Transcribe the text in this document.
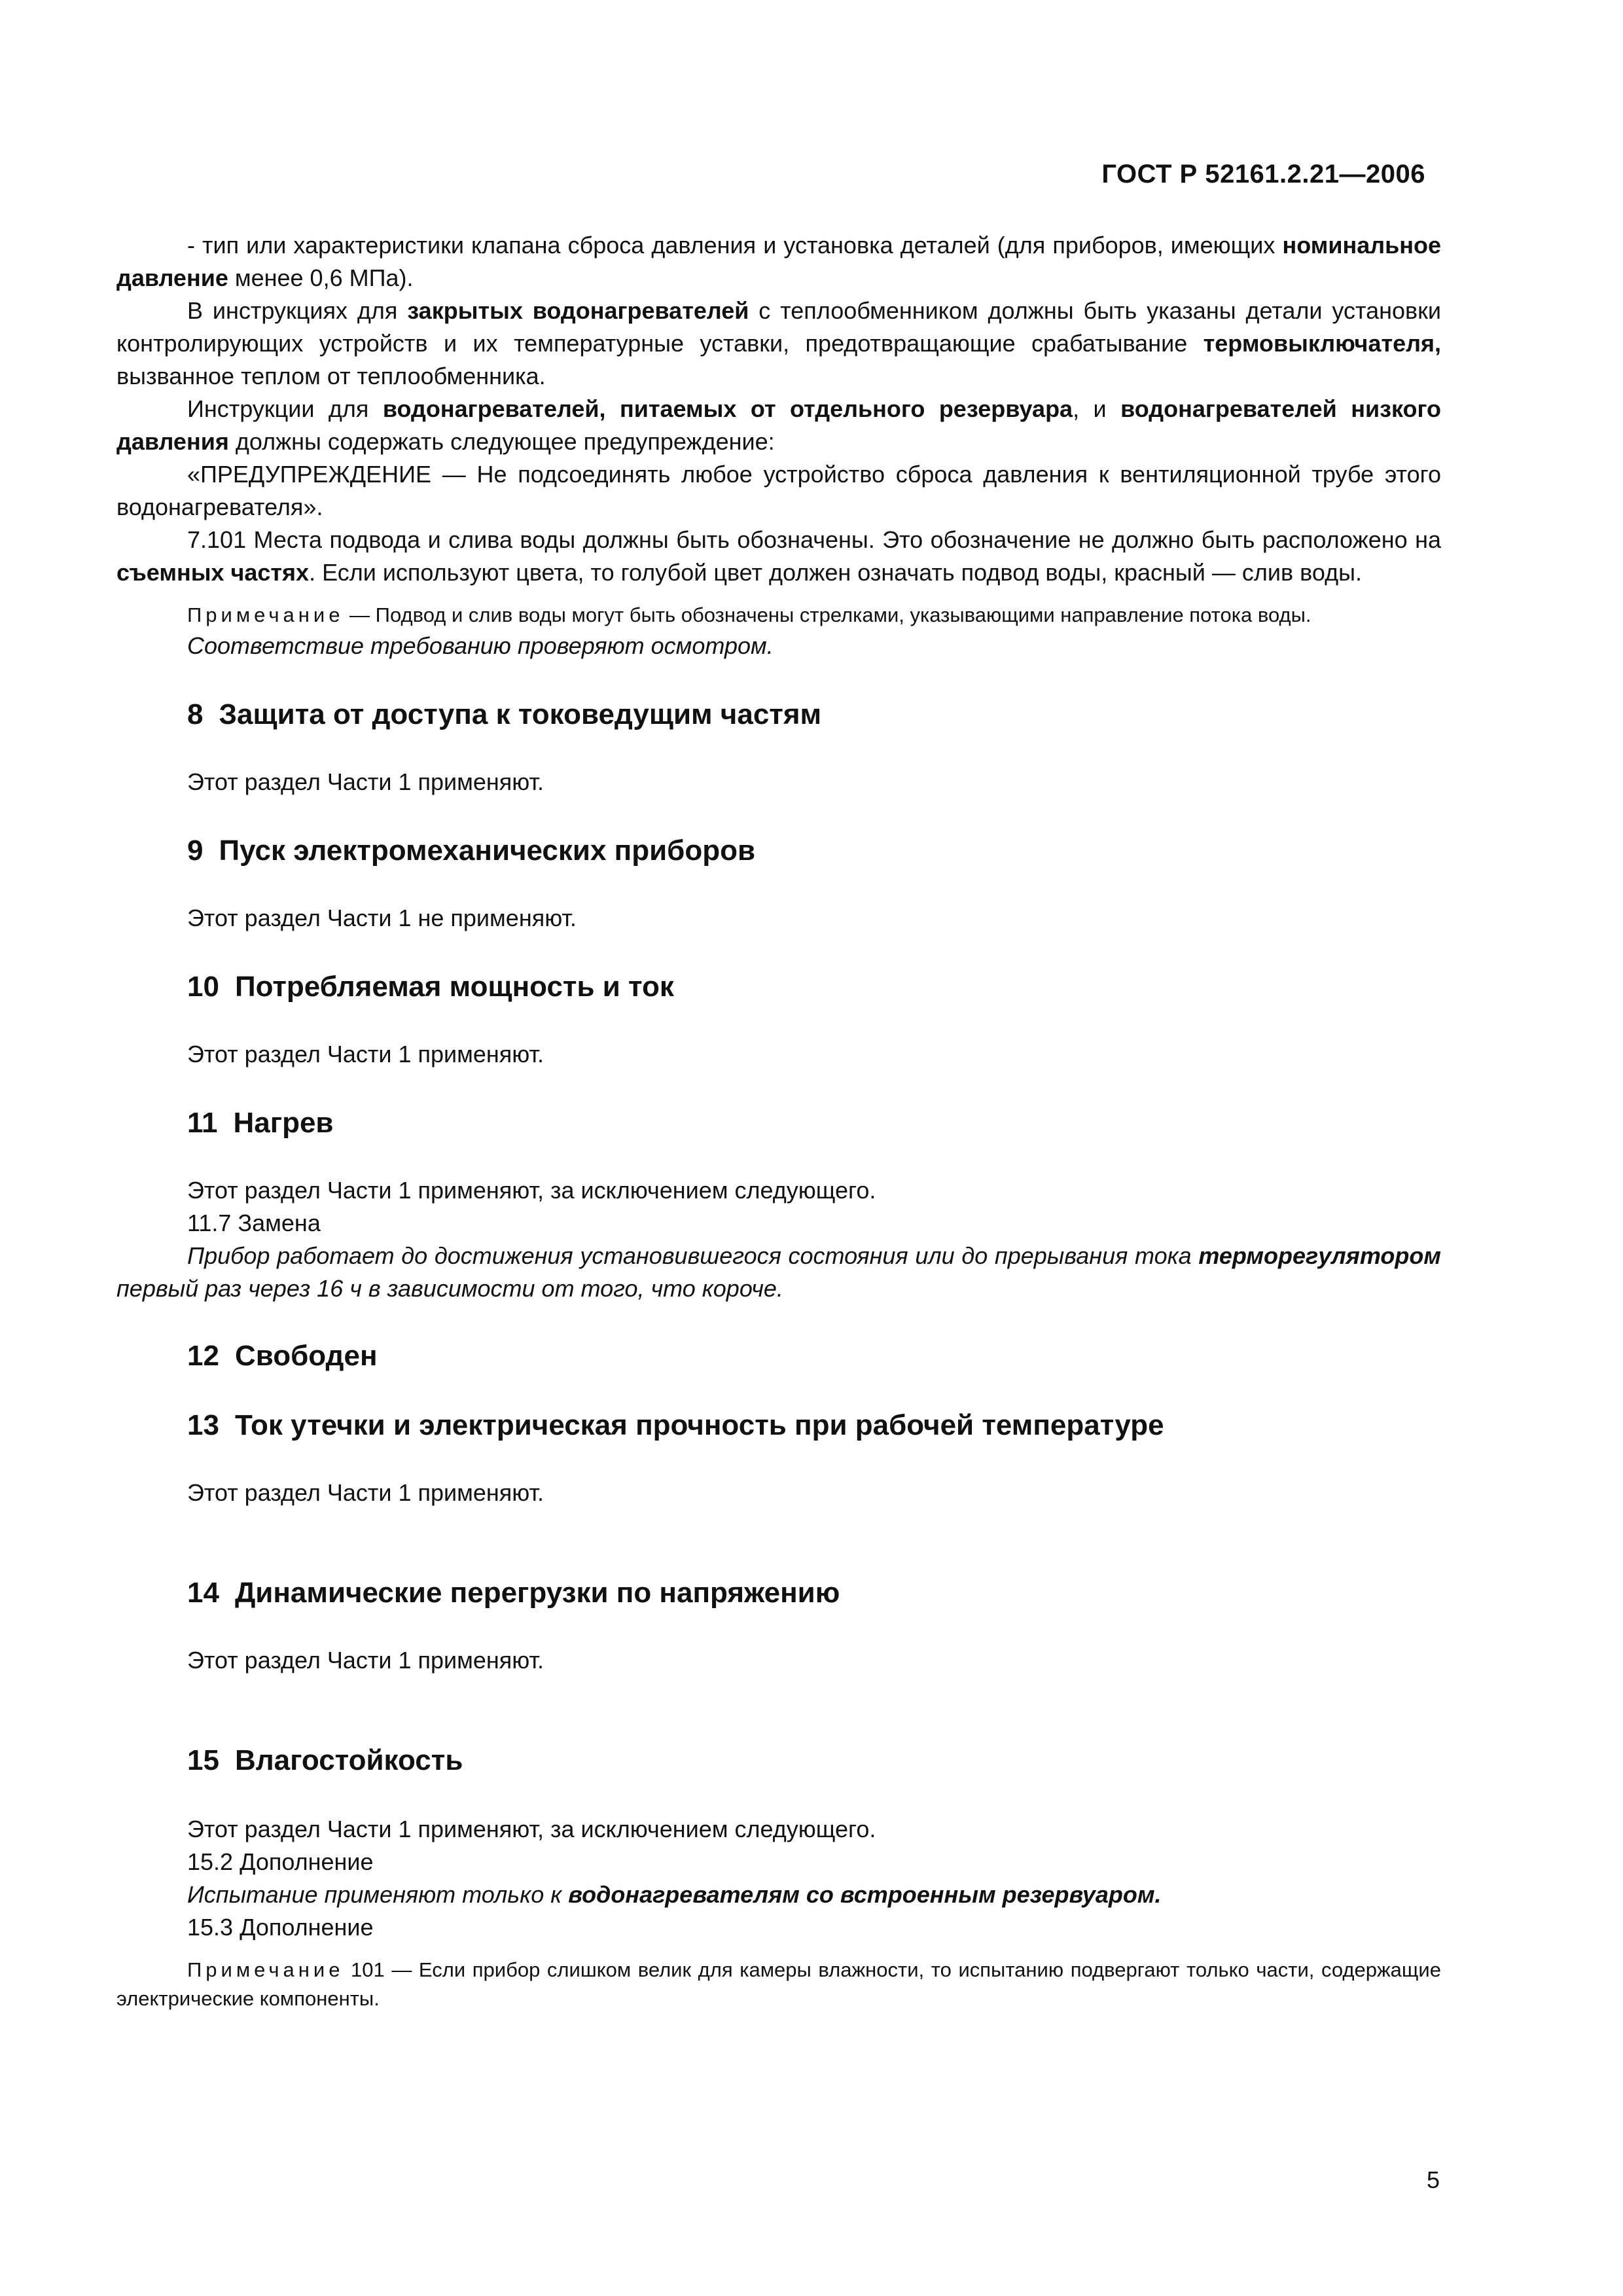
ГОСТ Р 52161.2.21—2006

- тип или характеристики клапана сброса давления и установка деталей (для приборов, имеющих номинальное давление менее 0,6 МПа).

В инструкциях для закрытых водонагревателей с теплообменником должны быть указаны детали установки контролирующих устройств и их температурные уставки, предотвращающие срабатывание термовыключателя, вызванное теплом от теплообменника.

Инструкции для водонагревателей, питаемых от отдельного резервуара, и водонагревателей низкого давления должны содержать следующее предупреждение:

«ПРЕДУПРЕЖДЕНИЕ — Не подсоединять любое устройство сброса давления к вентиляционной трубе этого водонагревателя».

7.101 Места подвода и слива воды должны быть обозначены. Это обозначение не должно быть расположено на съемных частях. Если используют цвета, то голубой цвет должен означать подвод воды, красный — слив воды.

Примечание — Подвод и слив воды могут быть обозначены стрелками, указывающими направление потока воды.

Соответствие требованию проверяют осмотром.

8 Защита от доступа к токоведущим частям

Этот раздел Части 1 применяют.

9 Пуск электромеханических приборов

Этот раздел Части 1 не применяют.

10 Потребляемая мощность и ток

Этот раздел Части 1 применяют.

11 Нагрев

Этот раздел Части 1 применяют, за исключением следующего.

11.7 Замена

Прибор работает до достижения установившегося состояния или до прерывания тока терморегулятором первый раз через 16 ч в зависимости от того, что короче.

12 Свободен
13 Ток утечки и электрическая прочность при рабочей температуре

Этот раздел Части 1 применяют.

14 Динамические перегрузки по напряжению

Этот раздел Части 1 применяют.

15 Влагостойкость

Этот раздел Части 1 применяют, за исключением следующего.

15.2 Дополнение

Испытание применяют только к водонагревателям со встроенным резервуаром.

15.3 Дополнение

Примечание 101 — Если прибор слишком велик для камеры влажности, то испытанию подвергают только части, содержащие электрические компоненты.

5
